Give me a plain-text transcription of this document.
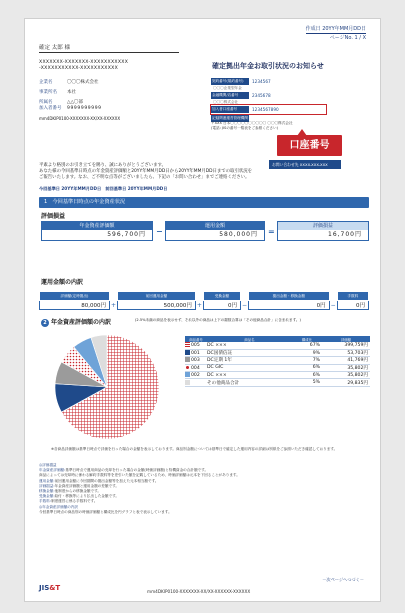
作成日 20YY年MM月DD日
ページNo. 1 / X
確定 太郎 様
XXXXXXX-XXXXXXX-XXXXXXXXXXX
-XXXXXXXXXXX-XXXXXXXXXXX
企業名	〇〇〇株式会社
事業所名	本社
所属名	△△〇部
加入者番号	9999999999
mm4DKIP0100-XXXXXXX-XX/XX-XXXXXX
確定拠出年金お取引状況のお知らせ
契約番号(規約番号)	1234567
〇〇〇企業型年金
金融機関/店番号	2345678
〇〇〇株式会社
加入者口座番号	1234567890
記録関連運営管理機関
〒XXX 日本〇〇〇〇〇〇〇〇〇〇 〇〇〇株式会社
(電話: JISの番号一覧表をご参照ください)
口座番号
お問い合わせ先 XXXX-XXX-XXX
平素より格別のお引き立てを賜り、誠にありがとうございます。
あなた様の今回基準日時点の年金資産評価額と20YY年MM月DD日から20YY年MM月DD日までの取引状況を
ご報告いたします。なお、ご不明な点等がございましたら、下記の「お問い合わせ」までご連絡ください。
今回基準日 20YY年MM月DD日　前回基準日 20YY年MM月DD日
1　今回基準日時点の年金資産状況
評価損益
年金資産評価額
596,700円	−
運用金額
580,000円	=
評価損益
16,700円
運用金額の内訳
評価額(定時拠出)		前回運用金額		受換金額		拠出金額・移換金額		手数料
80,000円	+	500,000円	+	0円	−	0円	−	0円
2 年金資産評価額の内訳	(2.5%未満の商品を表示せず、それ以外の商品は上下の端数合算は「その他商品合計」に含まれます。)
商品番号	商品名	構成比	評価額
005	DC ×××	67%	399,759円
001	DC国債信託	9%	53,703円
003	DC定期 1年	7%	41,769円
004	DC GIC	6%	35,802円
002	DC ×××	6%	35,802円
	その他商品合計	5%	29,835円
※各商品評価額は基準日時点で評価を行った場合の金額を表示しております。商品別金額については基準日で確定した運用内容の詳細は別紙をご参照いただき確認しております。
◎評価損益
年金資産評価額:基準日時点で運用商品の売却を行った場合の金額(時価評価額)と待機資金の合計額です。
商品によっては売却時に係わる解約手数料等を差引いた額を記載しているため、時価評価額は元本を下回ることがあります。
運用金額:前回運用金額に今回期間の拠出金額等を加えた元本相当額です。
評価損益:年金資産評価額と運用金額の差額です。
移換金額:他制度からの移換金額です。
受換金額:給付・移換等により払出した金額です。
手数料:制度運営に係る手数料です。
◎年金資産評価額の内訳
今回基準日時点の商品別の時価評価額と構成比を円グラフと表で表示しています。
－次ページへつづく－
JIS&T	mm4DKIP0100-XXXXXXX-XX/XX-XXXXXX-XXXXXX
